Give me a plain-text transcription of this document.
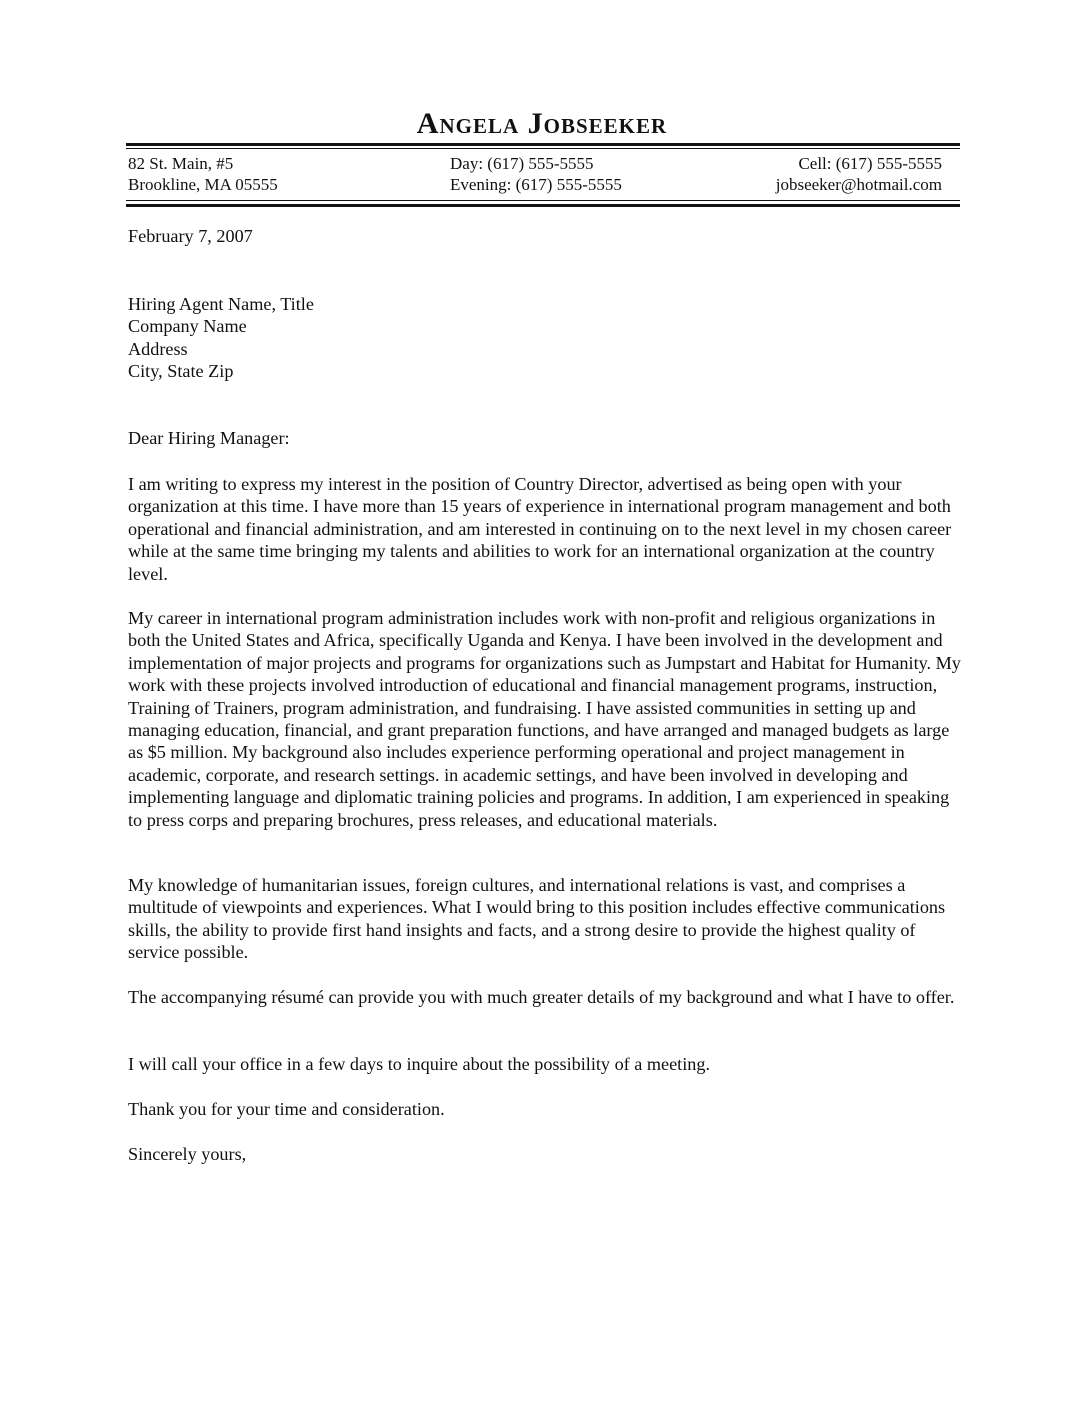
Angela Jobseeker
82 St. Main, #5
Brookline, MA 05555
Day: (617) 555-5555
Evening: (617) 555-5555
Cell: (617) 555-5555
jobseeker@hotmail.com
February 7, 2007
Hiring Agent Name, Title
Company Name
Address
City, State Zip
Dear Hiring Manager:

I am writing to express my interest in the position of Country Director, advertised as being open with your organization at this time. I have more than 15 years of experience in international program management and both operational and financial administration, and am interested in continuing on to the next level in my chosen career while at the same time bringing my talents and abilities to work for an international organization at the country level.

My career in international program administration includes work with non-profit and religious organizations in both the United States and Africa, specifically Uganda and Kenya. I have been involved in the development and implementation of major projects and programs for organizations such as Jumpstart and Habitat for Humanity. My work with these projects involved introduction of educational and financial management programs, instruction, Training of Trainers, program administration, and fundraising. I have assisted communities in setting up and managing education, financial, and grant preparation functions, and have arranged and managed budgets as large as $5 million. My background also includes experience performing operational and project management in academic, corporate, and research settings. in academic settings, and have been involved in developing and implementing language and diplomatic training policies and programs. In addition, I am experienced in speaking to press corps and preparing brochures, press releases, and educational materials.

My knowledge of humanitarian issues, foreign cultures, and international relations is vast, and comprises a multitude of viewpoints and experiences. What I would bring to this position includes effective communications skills, the ability to provide first hand insights and facts, and a strong desire to provide the highest quality of service possible.

The accompanying résumé can provide you with much greater details of my background and what I have to offer.

I will call your office in a few days to inquire about the possibility of a meeting.

Thank you for your time and consideration.

Sincerely yours,
